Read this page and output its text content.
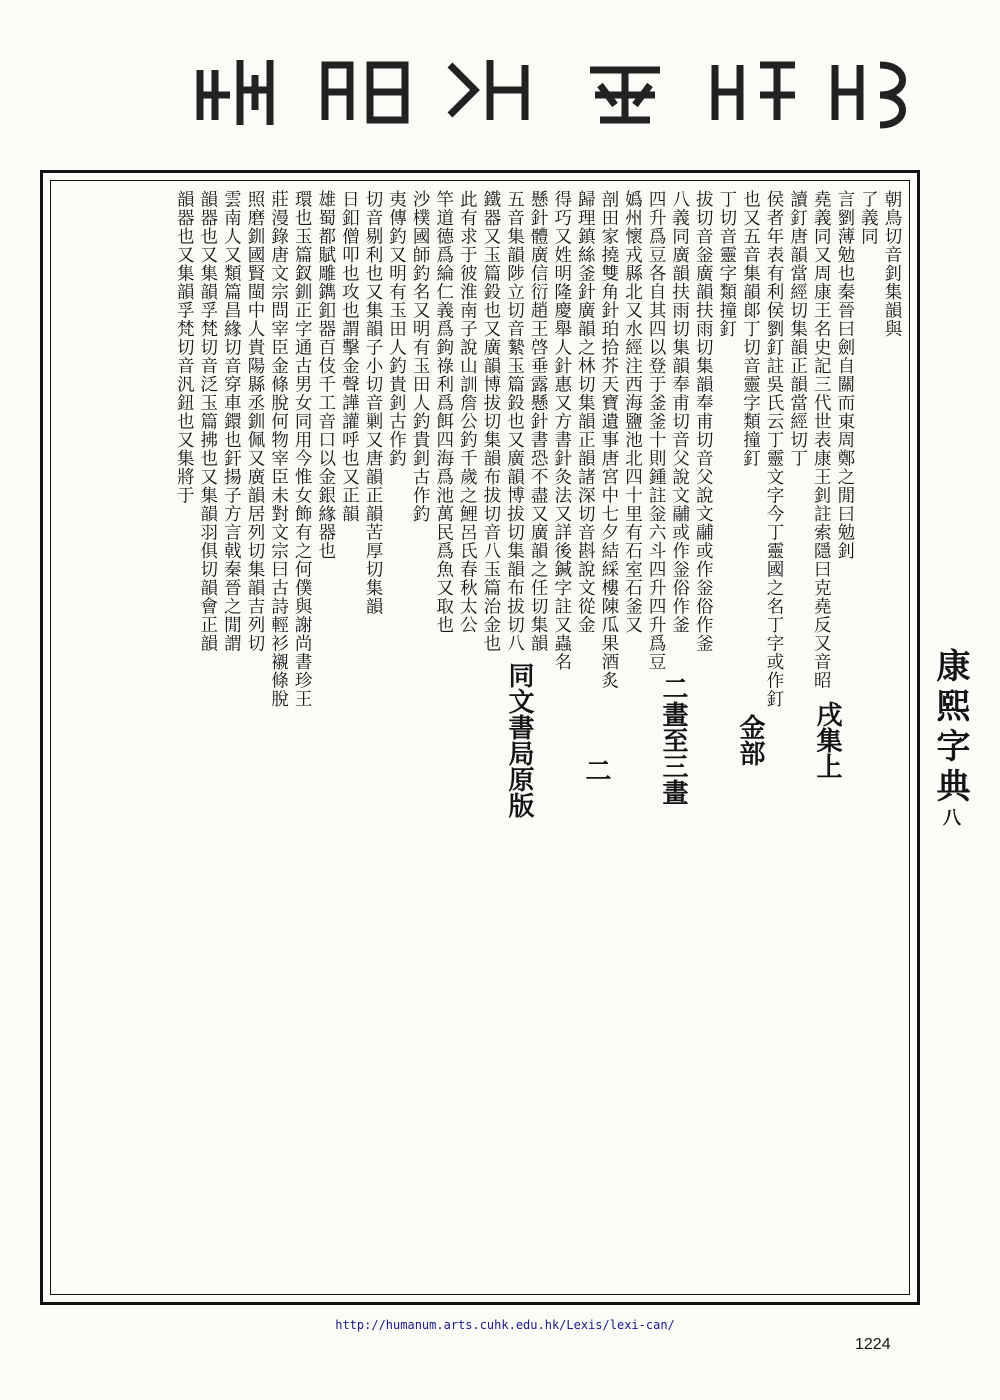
康熙字典八
戌集上
金部
二畫至三畫
二
同文書局原版
朝鳥切音釗集韻與
了義同
言劉薄勉也秦晉曰劍自關而東周鄭之閒曰勉釗
堯義同又周康王名史記三代世表康王釗註索隱曰克堯反又音昭
讀釘唐韻當經切集韻正韻當經切丁
侯者年表有利侯劉釘註吳氏云丁靈文字今丁靈國之名丁字或作釘
也又五音集韻郞丁切音靈字類撞釘
丁切音靈字類撞釘
拔切音釡廣韻扶雨切集韻奉甫切音父說文鬴或作釡俗作釜
八義同廣韻扶雨切集韻奉甫切音父說文鬴或作釡俗作釜
四升爲豆各自其四以登于釜釜十則鍾註釡六斗四升四升爲豆
嬀州懷戎縣北又水經注西海鹽池北四十里有石室石釜又
剖田家撓雙角針珀拾芥天寶遺事唐宮中七夕結綵樓陳瓜果酒炙
歸理鎮絲釜針廣韻之林切集韻正韻諸深切音斟說文從金
得巧又姓明隆慶舉人針惠又方書針灸法又詳後鍼字註又蟲名
懸針體廣信衍趙王啓垂露懸針書恐不盡又廣韻之任切集韻
五音集韻陟立切音縶玉篇鈠也又廣韻博拔切集韻布拔切八
鐵器又玉篇鈠也又廣韻博拔切集韻布拔切音八玉篇治金也
此有求于彼淮南子說山訓詹公釣千歲之鯉呂氏春秋太公
竿道德爲綸仁義爲鉤祿利爲餌四海爲池萬民爲魚又取也
沙樸國師釣名又明有玉田人釣貴釗古作釣
夷傳釣又明有玉田人釣貴釗古作釣
切音剔利也又集韻子小切音剿又唐韻正韻苦厚切集韻
日釦僧叩也攻也謂擊金聲譁讙呼也又正韻
雄蜀都賦雕鐫釦器百伎千工音口以金銀緣器也
環也玉篇釵釧正字通古男女同用今惟女飾有之何僕與謝尚書珍王
莊漫錄唐文宗問宰臣金條脫何物宰臣未對文宗曰古詩輕衫襯條脫
照磨釧國賢閩中人貴陽縣丞釧佩又廣韻居列切集韻吉列切
雲南人又類篇昌緣切音穿車鐶也釬揚子方言戟秦晉之閒謂
韻器也又集韻孚梵切音泛玉篇拂也又集韻羽俱切韻會正韻
韻器也又集韻孚梵切音汎鈕也又集將于
http://humanum.arts.cuhk.edu.hk/Lexis/lexi-can/
1224
